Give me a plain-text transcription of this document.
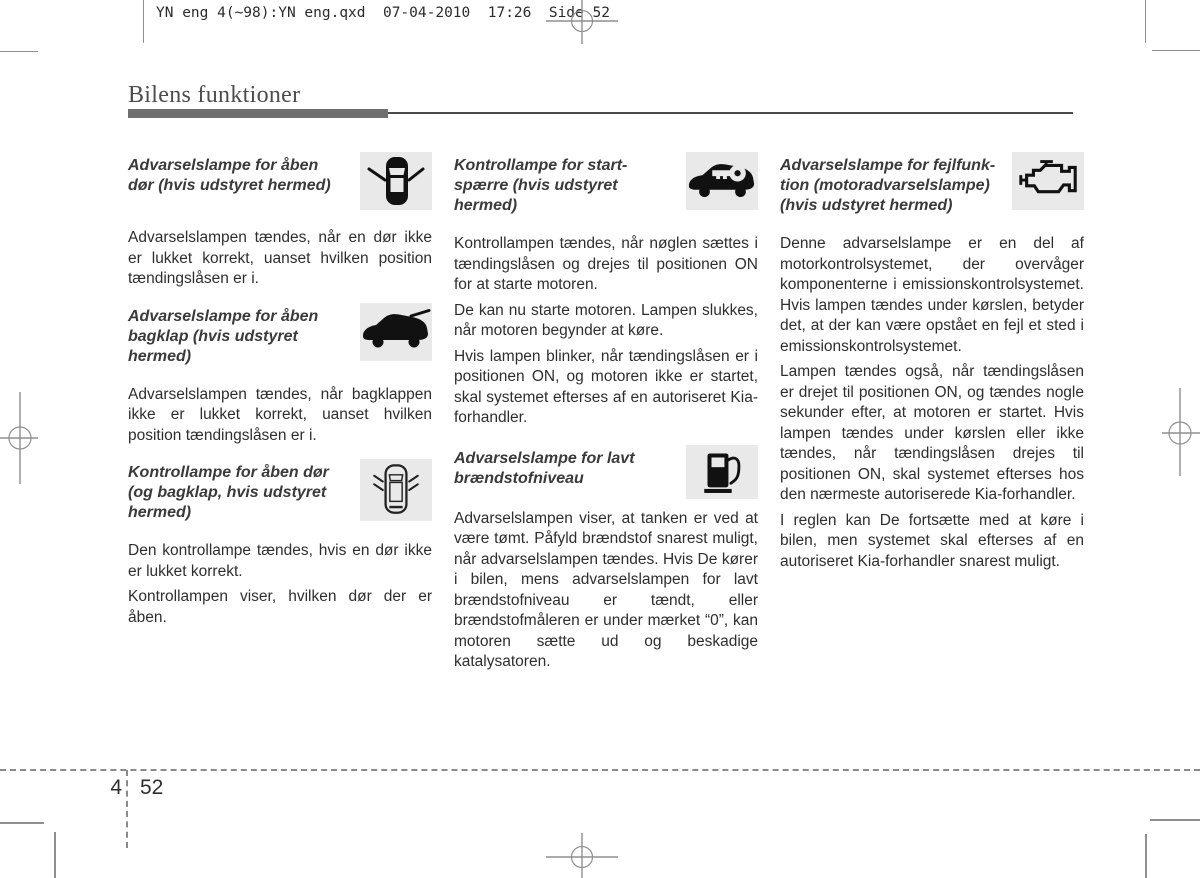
YN eng 4(~98):YN eng.qxd  07-04-2010  17:26  Side 52
Bilens funktioner
Advarselslampe for åben dør (hvis udstyret hermed)

Advarselslampen tændes, når en dør ikke er lukket korrekt, uanset hvilken position tændingslåsen er i.

Advarselslampe for åben bagklap (hvis udstyret hermed)

Advarselslampen tændes, når bagklappen ikke er lukket korrekt, uanset hvilken position tændingslåsen er i.

Kontrollampe for åben dør (og bagklap, hvis udstyret hermed)

Den kontrollampe tændes, hvis en dør ikke er lukket korrekt.

Kontrollampen viser, hvilken dør der er åben.

Kontrollampe for start-spærre (hvis udstyret hermed)

Kontrollampen tændes, når nøglen sættes i tændingslåsen og drejes til positionen ON for at starte motoren.

De kan nu starte motoren. Lampen slukkes, når motoren begynder at køre.

Hvis lampen blinker, når tændingslåsen er i positionen ON, og motoren ikke er startet, skal systemet efterses af en autoriseret Kia-forhandler.

Advarselslampe for lavt brændstofniveau

Advarselslampen viser, at tanken er ved at være tømt. Påfyld brændstof snarest muligt, når advarselslampen tændes. Hvis De kører i bilen, mens advarselslampen for lavt brændstofniveau er tændt, eller brændstofmåleren er under mærket “0”, kan motoren sætte ud og beskadige katalysatoren.

Advarselslampe for fejlfunk-tion (motoradvarselslampe) (hvis udstyret hermed)

Denne advarselslampe er en del af motorkontrolsystemet, der overvåger komponenterne i emissionskontrolsystemet. Hvis lampen tændes under kørslen, betyder det, at der kan være opstået en fejl et sted i emissionskontrolsystemet.

Lampen tændes også, når tændingslåsen er drejet til positionen ON, og tændes nogle sekunder efter, at motoren er startet. Hvis lampen tændes under kørslen eller ikke tændes, når tændingslåsen drejes til positionen ON, skal systemet efterses hos den nærmeste autoriserede Kia-forhandler.

I reglen kan De fortsætte med at køre i bilen, men systemet skal efterses af en autoriseret Kia-forhandler snarest muligt.

4 52
